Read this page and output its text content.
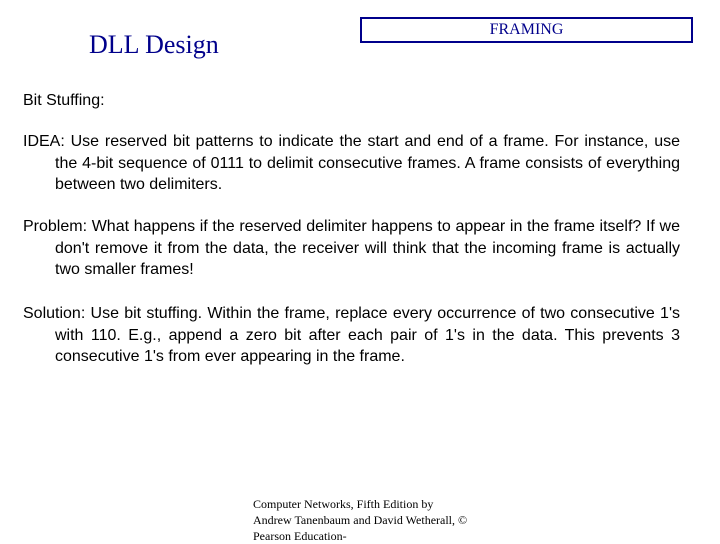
DLL Design
FRAMING
Bit Stuffing:

IDEA: Use reserved bit patterns to indicate the start and end of a frame. For instance, use the 4-bit sequence of 0111 to delimit consecutive frames. A frame consists of everything between two delimiters.

Problem: What happens if the reserved delimiter happens to appear in the frame itself? If we don't remove it from the data, the receiver will think that the incoming frame is actually two smaller frames!

Solution: Use bit stuffing. Within the frame, replace every occurrence of two consecutive 1's with 110. E.g., append a zero bit after each pair of 1's in the data. This prevents 3 consecutive 1's from ever appearing in the frame.

Computer Networks, Fifth Edition by Andrew Tanenbaum and David Wetherall, © Pearson Education-
